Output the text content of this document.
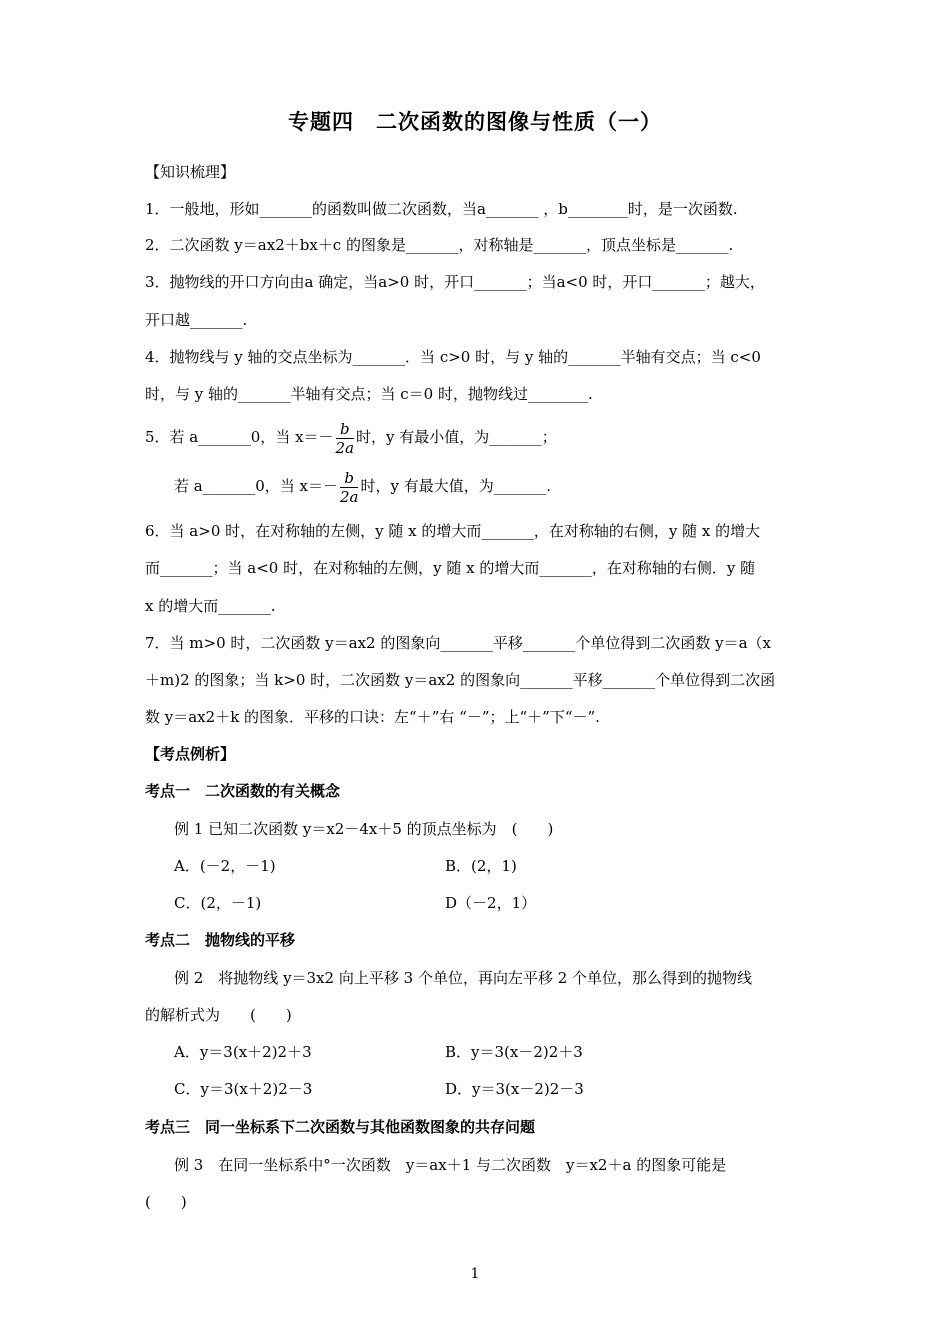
专题四　二次函数的图像与性质（一）
【知识梳理】
1．一般地，形如_______的函数叫做二次函数，当a_______ ，b________时，是一次函数.
2．二次函数 y＝ax2＋bx＋c 的图象是_______，对称轴是_______，顶点坐标是_______.
3．抛物线的开口方向由a 确定，当a>0 时，开口_______；当a<0 时，开口_______；越大，
开口越_______.
4．抛物线与 y 轴的交点坐标为_______．当 c>0 时，与 y 轴的_______半轴有交点；当 c<0
时，与 y 轴的_______半轴有交点；当 c＝0 时，抛物线过________.
5．若 a_______0，当 $x=- \frac{b}{2a}$ 时，y 有最小值，为_______；
若 a_______0，当 $x=- \frac{b}{2a}$ 时，y 有最大值，为_______.
6．当 a>0 时，在对称轴的左侧，y 随 x 的增大而_______，在对称轴的右侧，y 随 x 的增大
而_______；当 a<0 时，在对称轴的左侧，y 随 x 的增大而_______，在对称轴的右侧．y 随
x 的增大而_______.
7．当 m>0 时，二次函数 y＝ax2 的图象向_______平移_______个单位得到二次函数 y＝a（x
＋m)2 的图象；当 k>0 时，二次函数 y＝ax2 的图象向_______平移_______个单位得到二次函
数 y＝ax2＋k 的图象．平移的口诀：左“＋”右 “－”；上“＋”下“－”.
【考点例析】
考点一　二次函数的有关概念
例 1 已知二次函数 y＝x2－4x＋5 的顶点坐标为　(　　)
A．(－2，－1)	B．(2，1)
C．(2，－1)	D（－2，1）
考点二　抛物线的平移
例 2　将抛物线 y＝3x2 向上平移 3 个单位，再向左平移 2 个单位，那么得到的抛物线
的解析式为　　(　　)
A．y＝3(x＋2)2＋3	B．y＝3(x－2)2＋3
C．y＝3(x＋2)2－3	D．y＝3(x－2)2－3
考点三　同一坐标系下二次函数与其他函数图象的共存问题
例 3　在同一坐标系中°一次函数　y＝ax＋1 与二次函数　y＝x2＋a 的图象可能是
(　　)
1
